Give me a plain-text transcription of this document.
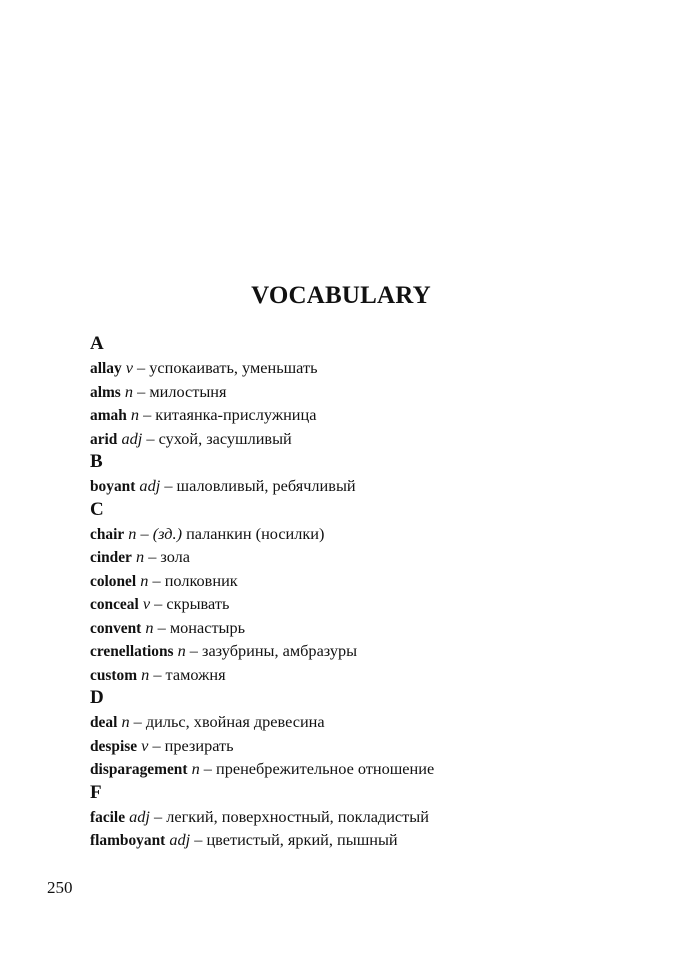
VOCABULARY
A
allay v – успокаивать, уменьшать
alms n – милостыня
amah n – китаянка-прислужница
arid adj – сухой, засушливый
B
boyant adj – шаловливый, ребячливый
C
chair n – (зд.) паланкин (носилки)
cinder n – зола
colonel n – полковник
conceal v – скрывать
convent n – монастырь
crenellations n – зазубрины, амбразуры
custom n – таможня
D
deal n – дильс, хвойная древесина
despise v – презирать
disparagement n – пренебрежительное отношение
F
facile adj – легкий, поверхностный, покладистый
flamboyant adj – цветистый, яркий, пышный
250
